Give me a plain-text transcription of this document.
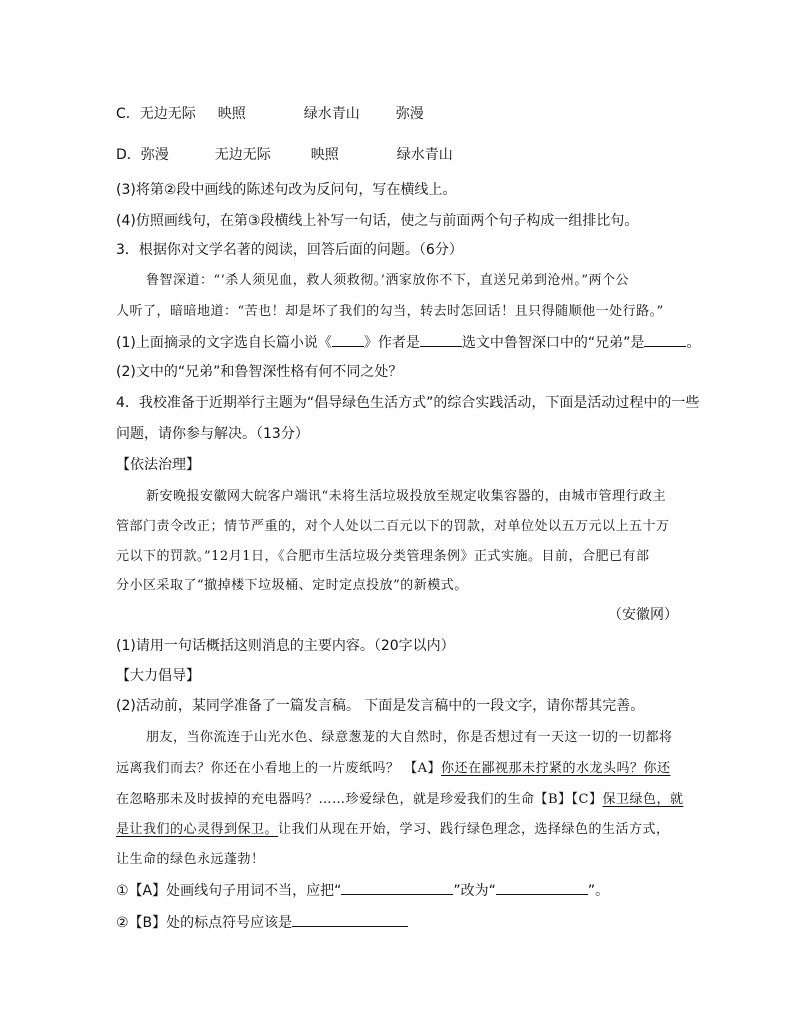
C．无边无际 映照	绿水青山	弥漫
D．弥漫	无边无际	映照	绿水青山
(3)将第②段中画线的陈述句改为反问句，写在横线上。
(4)仿照画线句，在第③段横线上补写一句话，使之与前面两个句子构成一组排比句。
3．根据你对文学名著的阅读，回答后面的问题。（6分）
鲁智深道：“‘杀人须见血，救人须救彻。’洒家放你不下，直送兄弟到沧州。”两个公
人听了，暗暗地道：“苦也！却是坏了我们的勾当，转去时怎回话！且只得随顺他一处行路。”
(1)上面摘录的文字选自长篇小说《 》作者是	选文中鲁智深口中的“兄弟”是	。
(2)文中的“兄弟”和鲁智深性格有何不同之处？
4．我校准备于近期举行主题为“倡导绿色生活方式”的综合实践活动，下面是活动过程中的一些
问题，请你参与解决。（13分）
【依法治理】
新安晚报安徽网大皖客户端讯“未将生活垃圾投放至规定收集容器的，由城市管理行政主
管部门责令改正；情节严重的，对个人处以二百元以下的罚款，对单位处以五万元以上五十万
元以下的罚款。”12月1日，《合肥市生活垃圾分类管理条例》正式实施。目前，合肥已有部
分小区采取了“撤掉楼下垃圾桶、定时定点投放”的新模式。
（安徽网）
(1)请用一句话概括这则消息的主要内容。（20字以内）
【大力倡导】
(2)活动前，某同学准备了一篇发言稿。 下面是发言稿中的一段文字，请你帮其完善。
朋友，当你流连于山光水色、绿意葱茏的大自然时，你是否想过有一天这一切的一切都将
远离我们而去？你还在小看地上的一片废纸吗？ 【A】你还在鄙视那未拧紧的水龙头吗？你还
在忽略那未及时拔掉的充电器吗？……珍爱绿色，就是珍爱我们的生命【B】【C】保卫绿色，就
是让我们的心灵得到保卫。让我们从现在开始，学习、践行绿色理念，选择绿色的生活方式，
让生命的绿色永远蓬勃！
①【A】处画线句子用词不当，应把“	”改为“	”。
②【B】处的标点符号应该是
